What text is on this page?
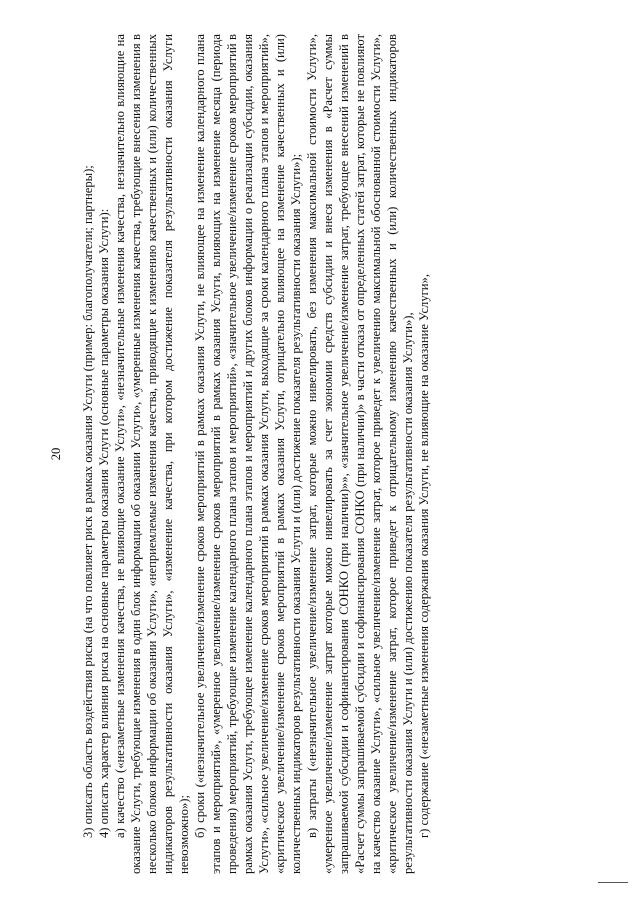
20 3) описать область воздействия риска (на что повлияет риск в рамках оказания Услуги (пример: благополучатели; партнеры); 4) описать характер влияния риска на основные параметры оказания Услуги (основные параметры оказания Услуги): а) качество («незаметные изменения качества, не влияющие оказание Услуги», «незначительные изменения качества, незначительно влияющие на оказание Услуги, требующие изменения в один блок информации об оказании Услуги», «умеренные изменения качества, требующие внесения изменения в несколько блоков информации об оказании Услуги», «неприемлемые изменения качества, приводящие к изменению качественных и (или) количественных индикаторов результативности оказания Услуги», «изменение качества, при котором достижение показателя результативности оказания Услуги невозможно»); б) сроки («незначительное увеличение/изменение сроков мероприятий в рамках оказания Услуги, не влияющее на изменение календарного плана этапов и мероприятий», «умеренное увеличение/изменение сроков мероприятий в рамках оказания Услуги, влияющих на изменение месяца (периода проведения) мероприятий, требующие изменение календарного плана этапов и мероприятий», «значительное увеличение/изменение сроков мероприятий в рамках оказания Услуги, требующее изменение календарного плана этапов и мероприятий и других блоков информации о реализации субсидии, оказания Услуги», «сильное увеличение/изменение сроков мероприятий в рамках оказания Услуги, выходящие за сроки календарного плана этапов и мероприятий», «критическое увеличение/изменение сроков мероприятий в рамках оказания Услуги, отрицательно влияющее на изменение качественных и (или) количественных индикаторов результативности оказания Услуги и (или) достижение показателя результативности оказания Услуги»); в) затраты («незначительное увеличение/изменение затрат, которые можно нивелировать, без изменения максимальной стоимости Услуги», «умеренное увеличение/изменение затрат которые можно нивелировать за счет экономии средств субсидии и внеся изменения в «Расчет суммы запрашиваемой субсидии и софинансирования СОНКО (при наличии)»», «значительное увеличение/изменение затрат, требующее внесений изменений в «Расчет суммы запрашиваемой субсидии и софинансирования СОНКО (при наличии)» в части отказа от определенных статей затрат, которые не повлияют на качество оказание Услуги», «сильное увеличение/изменение затрат, которое приведет к увеличению максимальной обоснованной стоимости Услуги», «критическое увеличение/изменение затрат, которое приведет к отрицательному изменению качественных и (или) количественных индикаторов результативности оказания Услуги и (или) достижению показателя результативности оказания Услуги»), г) содержание («незаметные изменения содержания оказания Услуги, не влияющие на оказание Услуги»,
